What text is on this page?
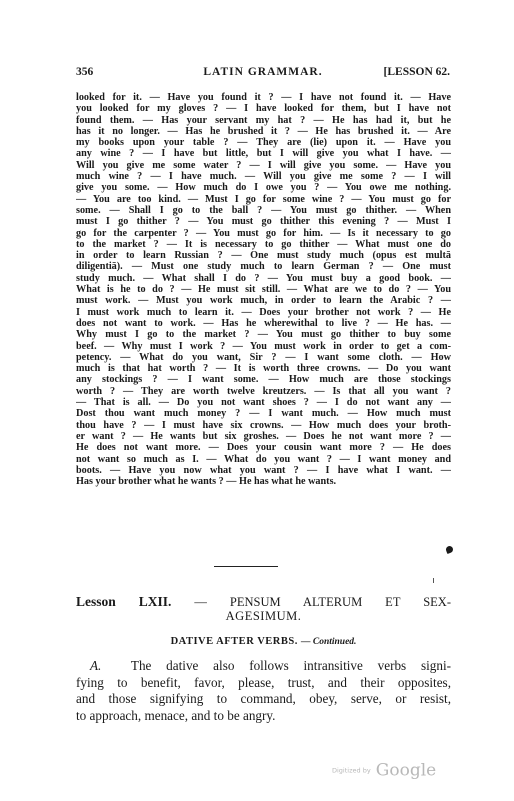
356	LATIN GRAMMAR.	[LESSON 62.
looked for it. — Have you found it ? — I have not found it. — Have
you looked for my gloves ? — I have looked for them, but I have not
found them. — Has your servant my hat ? — He has had it, but he
has it no longer. — Has he brushed it ? — He has brushed it. — Are
my books upon your table ? — They are (lie) upon it. — Have you
any wine ? — I have but little, but I will give you what I have. —
Will you give me some water ? — I will give you some. — Have you
much wine ? — I have much. — Will you give me some ? — I will
give you some. — How much do I owe you ? — You owe me nothing.
— You are too kind. — Must I go for some wine ? — You must go for
some. — Shall I go to the ball ? — You must go thither. — When
must I go thither ? — You must go thither this evening ? — Must I
go for the carpenter ? — You must go for him. — Is it necessary to go
to the market ? — It is necessary to go thither — What must one do
in order to learn Russian ? — One must study much (opus est multā
diligentiā). — Must one study much to learn German ? — One must
study much. — What shall I do ? — You must buy a good book. —
What is he to do ? — He must sit still. — What are we to do ? — You
must work. — Must you work much, in order to learn the Arabic ? —
I must work much to learn it. — Does your brother not work ? — He
does not want to work. — Has he wherewithal to live ? — He has. —
Why must I go to the market ? — You must go thither to buy some
beef. — Why must I work ? — You must work in order to get a com-
petency. — What do you want, Sir ? — I want some cloth. — How
much is that hat worth ? — It is worth three crowns. — Do you want
any stockings ? — I want some. — How much are those stockings
worth ? — They are worth twelve kreutzers. — Is that all you want ?
— That is all. — Do you not want shoes ? — I do not want any —
Dost thou want much money ? — I want much. — How much must
thou have ? — I must have six crowns. — How much does your broth-
er want ? — He wants but six groshes. — Does he not want more ? —
He does not want more. — Does your cousin want more ? — He does
not want so much as I. — What do you want ? — I want money and
boots. — Have you now what you want ? — I have what I want. —
Has your brother what he wants ? — He has what he wants.
Lesson LXII. — PENSUM ALTERUM ET SEX-
AGESIMUM.
DATIVE AFTER VERBS. — Continued.
A. The dative also follows intransitive verbs signi-
fying to benefit, favor, please, trust, and their opposites,
and those signifying to command, obey, serve, or resist,
to approach, menace, and to be angry.
Digitized by Google
